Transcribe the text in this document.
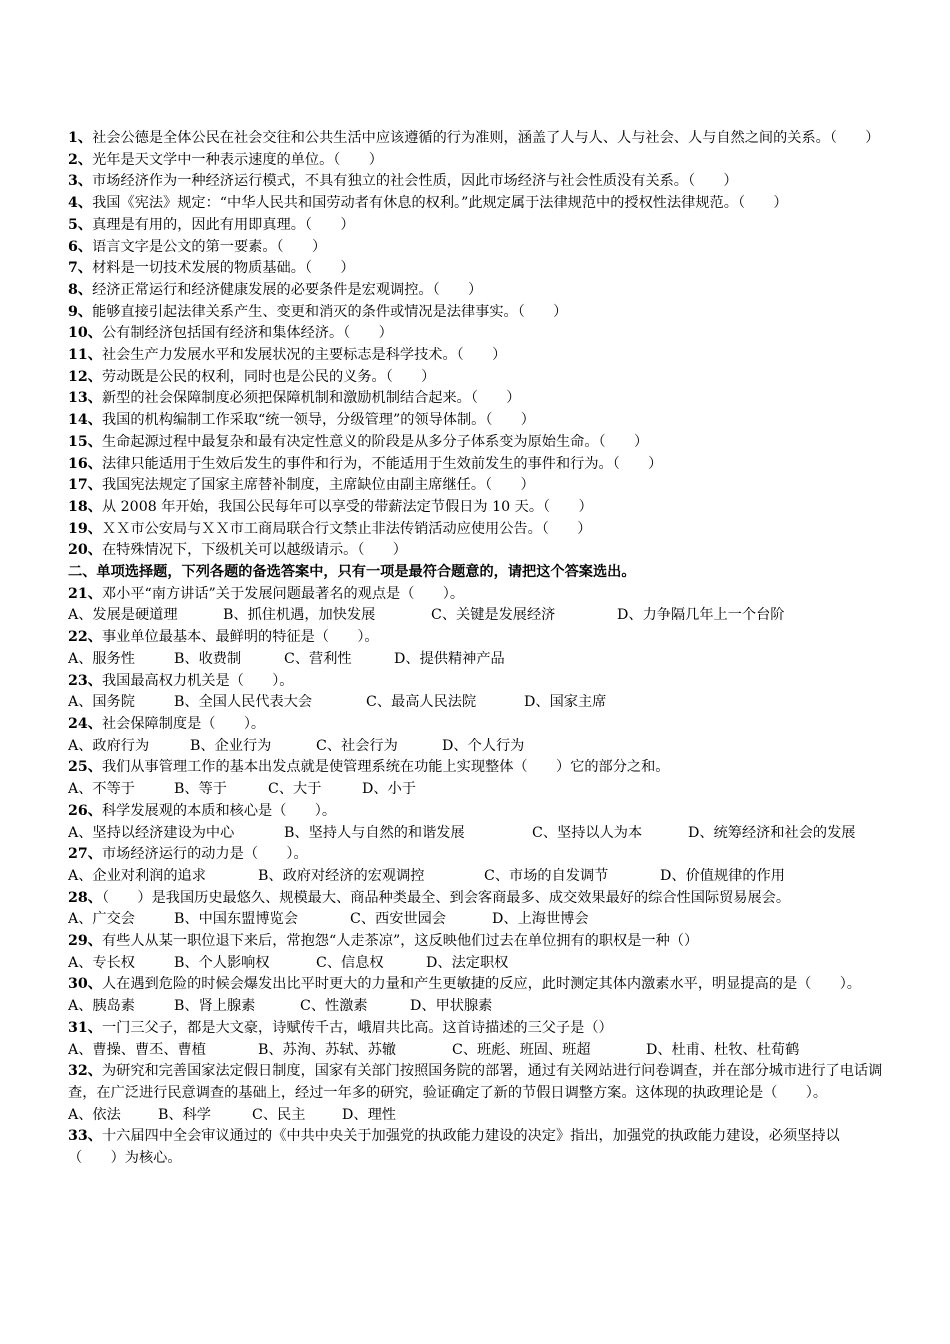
1、社会公德是全体公民在社会交往和公共生活中应该遵循的行为准则，涵盖了人与人、人与社会、人与自然之间的关系。（　　）
2、光年是天文学中一种表示速度的单位。（　　）
3、市场经济作为一种经济运行模式，不具有独立的社会性质，因此市场经济与社会性质没有关系。（　　）
4、我国《宪法》规定：“中华人民共和国劳动者有休息的权利。”此规定属于法律规范中的授权性法律规范。（　　）
5、真理是有用的，因此有用即真理。（　　）
6、语言文字是公文的第一要素。（　　）
7、材料是一切技术发展的物质基础。（　　）
8、经济正常运行和经济健康发展的必要条件是宏观调控。（　　）
9、能够直接引起法律关系产生、变更和消灭的条件或情况是法律事实。（　　）
10、公有制经济包括国有经济和集体经济。（　　）
11、社会生产力发展水平和发展状况的主要标志是科学技术。（　　）
12、劳动既是公民的权利，同时也是公民的义务。（　　）
13、新型的社会保障制度必须把保障机制和激励机制结合起来。（　　）
14、我国的机构编制工作采取“统一领导，分级管理”的领导体制。（　　）
15、生命起源过程中最复杂和最有决定性意义的阶段是从多分子体系变为原始生命。（　　）
16、法律只能适用于生效后发生的事件和行为，不能适用于生效前发生的事件和行为。（　　）
17、我国宪法规定了国家主席替补制度，主席缺位由副主席继任。（　　）
18、从 2008 年开始，我国公民每年可以享受的带薪法定节假日为 10 天。（　　）
19、ＸＸ市公安局与ＸＸ市工商局联合行文禁止非法传销活动应使用公告。（　　）
20、在特殊情况下，下级机关可以越级请示。（　　）
二、单项选择题，下列各题的备选答案中，只有一项是最符合题意的，请把这个答案选出。
21、邓小平“南方讲话”关于发展问题最著名的观点是（　　）。
A、发展是硬道理	B、抓住机遇，加快发展	C、关键是发展经济	D、力争隔几年上一个台阶
22、事业单位最基本、最鲜明的特征是（　　）。
A、服务性	B、收费制	C、营利性	D、提供精神产品
23、我国最高权力机关是（　　）。
A、国务院	B、全国人民代表大会	C、最高人民法院	D、国家主席
24、社会保障制度是（　　）。
A、政府行为	B、企业行为	C、社会行为	D、个人行为
25、我们从事管理工作的基本出发点就是使管理系统在功能上实现整体（　　）它的部分之和。
A、不等于	B、等于	C、大于	D、小于
26、科学发展观的本质和核心是（　　）。
A、坚持以经济建设为中心	B、坚持人与自然的和谐发展	C、坚持以人为本	D、统筹经济和社会的发展
27、市场经济运行的动力是（　　）。
A、企业对利润的追求	B、政府对经济的宏观调控	C、市场的自发调节	D、价值规律的作用
28、（　　）是我国历史最悠久、规模最大、商品种类最全、到会客商最多、成交效果最好的综合性国际贸易展会。
A、广交会	B、中国东盟博览会	C、西安世园会	D、上海世博会
29、有些人从某一职位退下来后，常抱怨“人走茶凉”，这反映他们过去在单位拥有的职权是一种（）
A、专长权	B、个人影响权	C、信息权	D、法定职权
30、人在遇到危险的时候会爆发出比平时更大的力量和产生更敏捷的反应，此时测定其体内激素水平，明显提高的是（　　）。
A、胰岛素	B、肾上腺素	C、性激素	D、甲状腺素
31、一门三父子，都是大文豪，诗赋传千古，峨眉共比高。这首诗描述的三父子是（）
A、曹操、曹丕、曹植	B、苏洵、苏轼、苏辙	C、班彪、班固、班超	D、杜甫、杜牧、杜荀鹤
32、为研究和完善国家法定假日制度，国家有关部门按照国务院的部署，通过有关网站进行问卷调查，并在部分城市进行了电话调查，在广泛进行民意调查的基础上，经过一年多的研究，验证确定了新的节假日调整方案。这体现的执政理论是（　　）。
A、依法	B、科学	C、民主	D、理性
33、十六届四中全会审议通过的《中共中央关于加强党的执政能力建设的决定》指出，加强党的执政能力建设，必须坚持以（　　）为核心。
